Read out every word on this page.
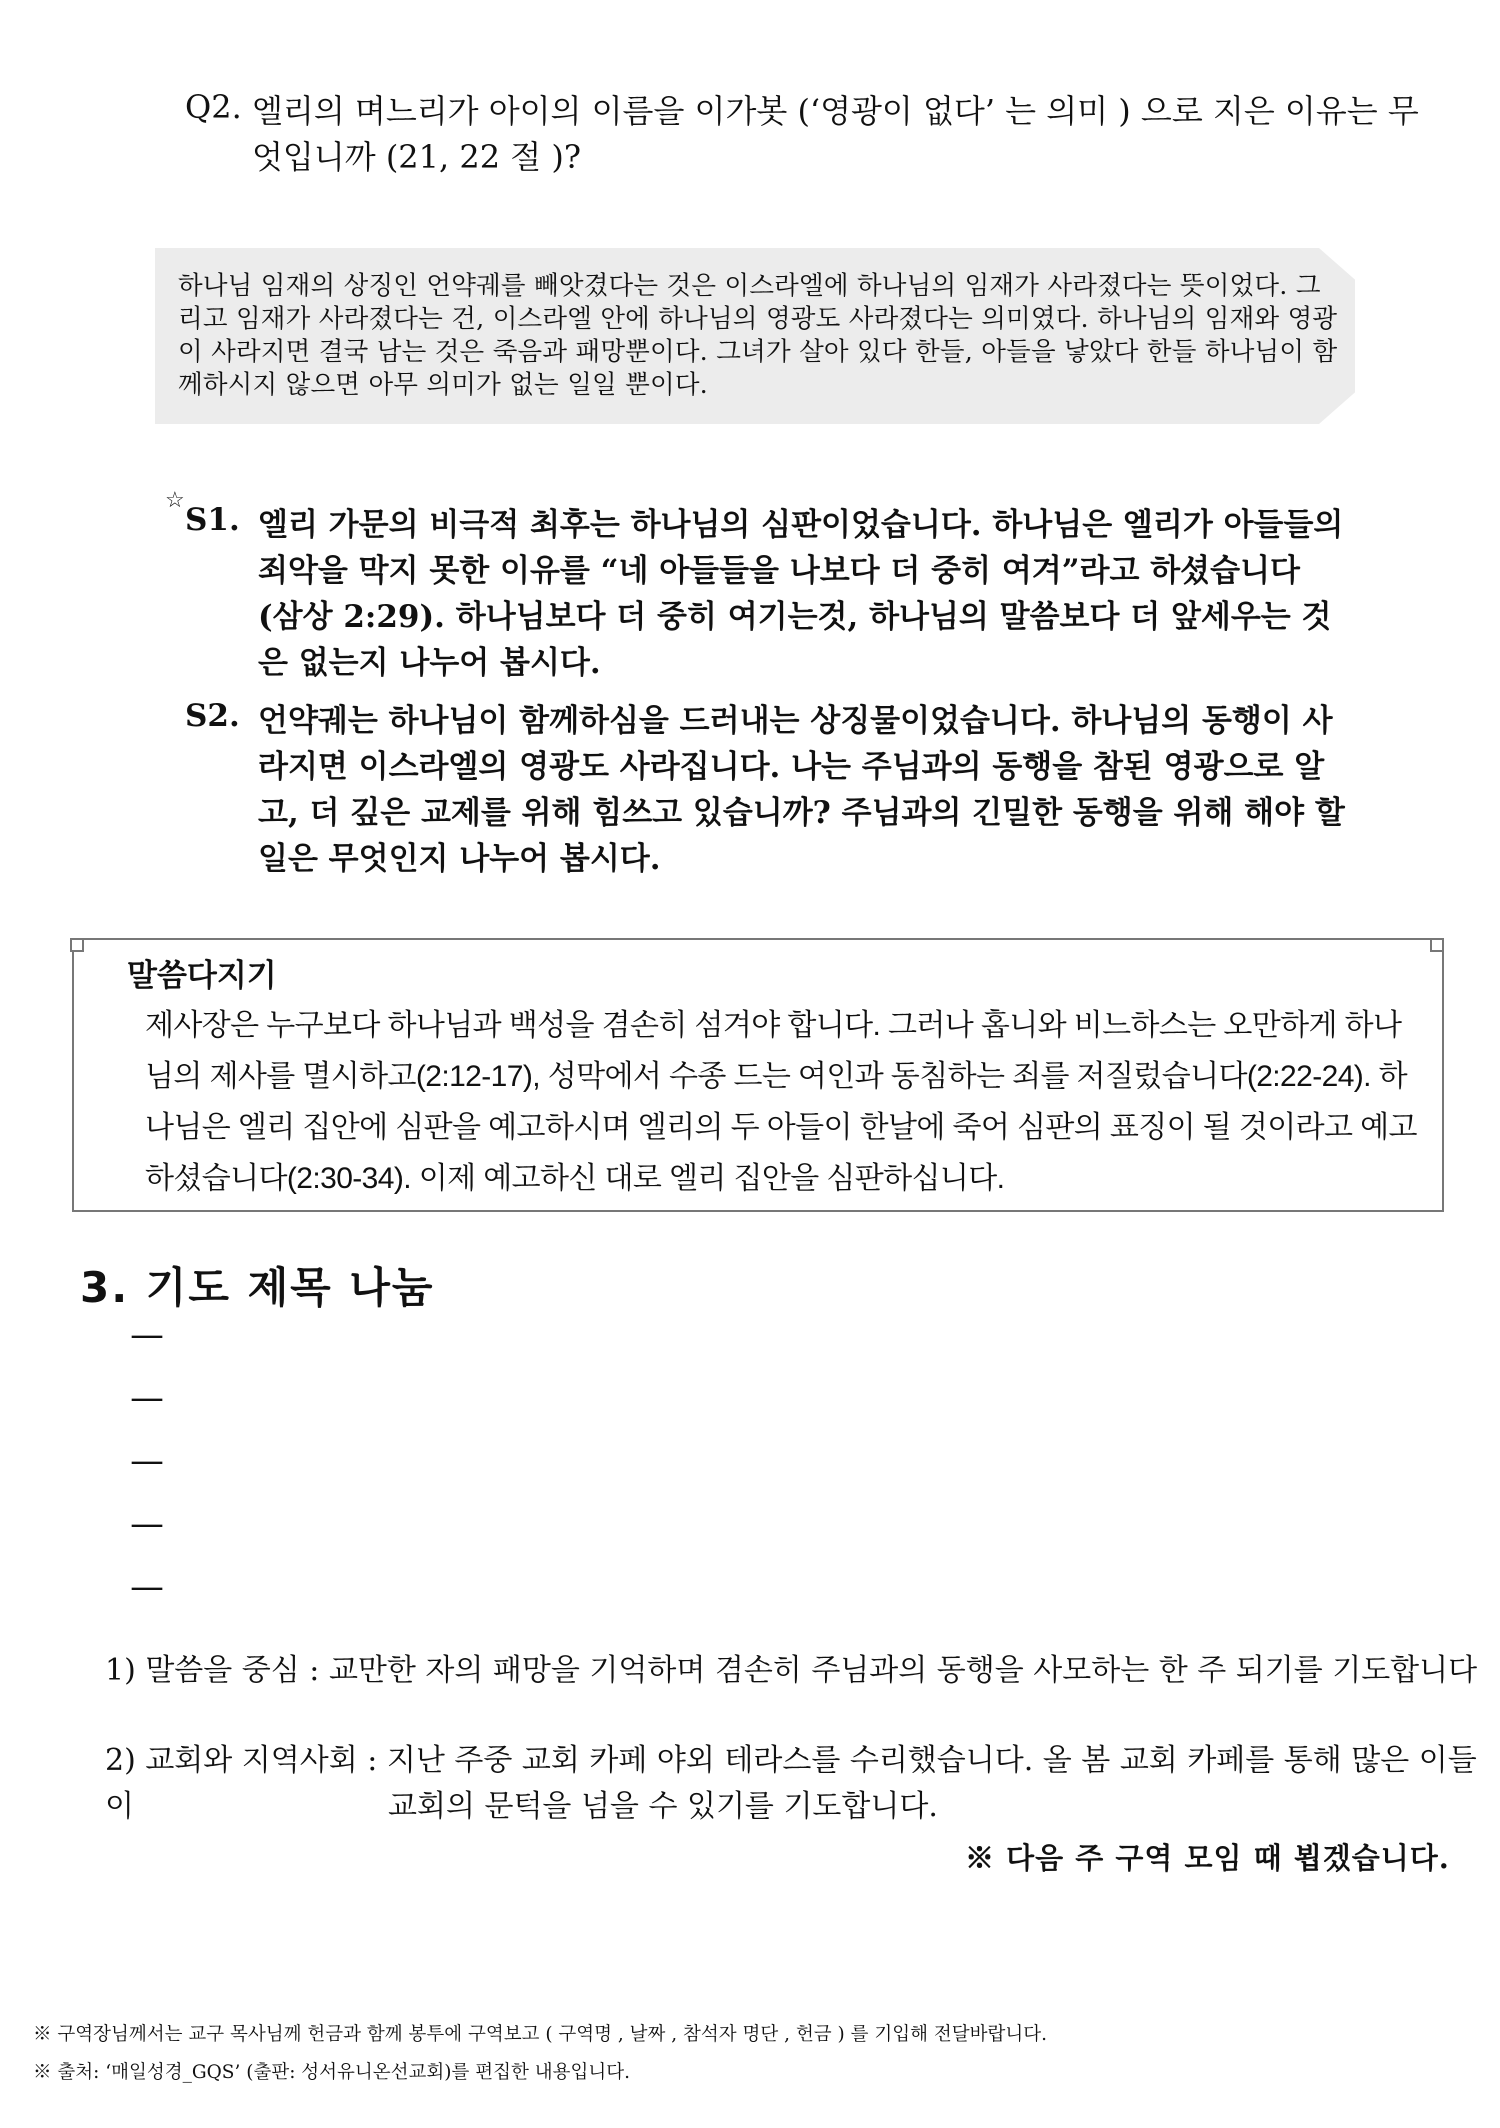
Q2. 엘리의 며느리가 아이의 이름을 이가봇 (‘영광이 없다’ 는 의미 ) 으로 지은 이유는 무엇입니까 (21, 22 절 )?
하나님 임재의 상징인 언약궤를 빼앗겼다는 것은 이스라엘에 하나님의 임재가 사라졌다는 뜻이었다. 그리고 임재가 사라졌다는 건, 이스라엘 안에 하나님의 영광도 사라졌다는 의미였다. 하나님의 임재와 영광이 사라지면 결국 남는 것은 죽음과 패망뿐이다. 그녀가 살아 있다 한들, 아들을 낳았다 한들 하나님이 함께하시지 않으면 아무 의미가 없는 일일 뿐이다.
☆
S1. 엘리 가문의 비극적 최후는 하나님의 심판이었습니다. 하나님은 엘리가 아들들의 죄악을 막지 못한 이유를 “네 아들들을 나보다 더 중히 여겨”라고 하셨습니다 (삼상 2:29). 하나님보다 더 중히 여기는것, 하나님의 말씀보다 더 앞세우는 것은 없는지 나누어 봅시다.
S2. 언약궤는 하나님이 함께하심을 드러내는 상징물이었습니다. 하나님의 동행이 사라지면 이스라엘의 영광도 사라집니다. 나는 주님과의 동행을 참된 영광으로 알고, 더 깊은 교제를 위해 힘쓰고 있습니까? 주님과의 긴밀한 동행을 위해 해야 할 일은 무엇인지 나누어 봅시다.
말씀다지기
제사장은 누구보다 하나님과 백성을 겸손히 섬겨야 합니다. 그러나 홉니와 비느하스는 오만하게 하나님의 제사를 멸시하고(2:12-17), 성막에서 수종 드는 여인과 동침하는 죄를 저질렀습니다(2:22-24). 하나님은 엘리 집안에 심판을 예고하시며 엘리의 두 아들이 한날에 죽어 심판의 표징이 될 것이라고 예고하셨습니다(2:30-34). 이제 예고하신 대로 엘리 집안을 심판하십니다.
3. 기도 제목 나눔
—
—
—
—
—
1) 말씀을 중심 : 교만한 자의 패망을 기억하며 겸손히 주님과의 동행을 사모하는 한 주 되기를 기도합니다
2) 교회와 지역사회 : 지난 주중 교회 카페 야외 테라스를 수리했습니다. 올 봄 교회 카페를 통해 많은 이들이	교회의 문턱을 넘을 수 있기를 기도합니다.
※ 다음 주 구역 모임 때 뵙겠습니다.
※ 구역장님께서는 교구 목사님께 헌금과 함께 봉투에 구역보고 ( 구역명 , 날짜 , 참석자 명단 , 헌금 ) 를 기입해 전달바랍니다.
※ 출처: ‘매일성경_GQS’ (출판: 성서유니온선교회)를 편집한 내용입니다.
